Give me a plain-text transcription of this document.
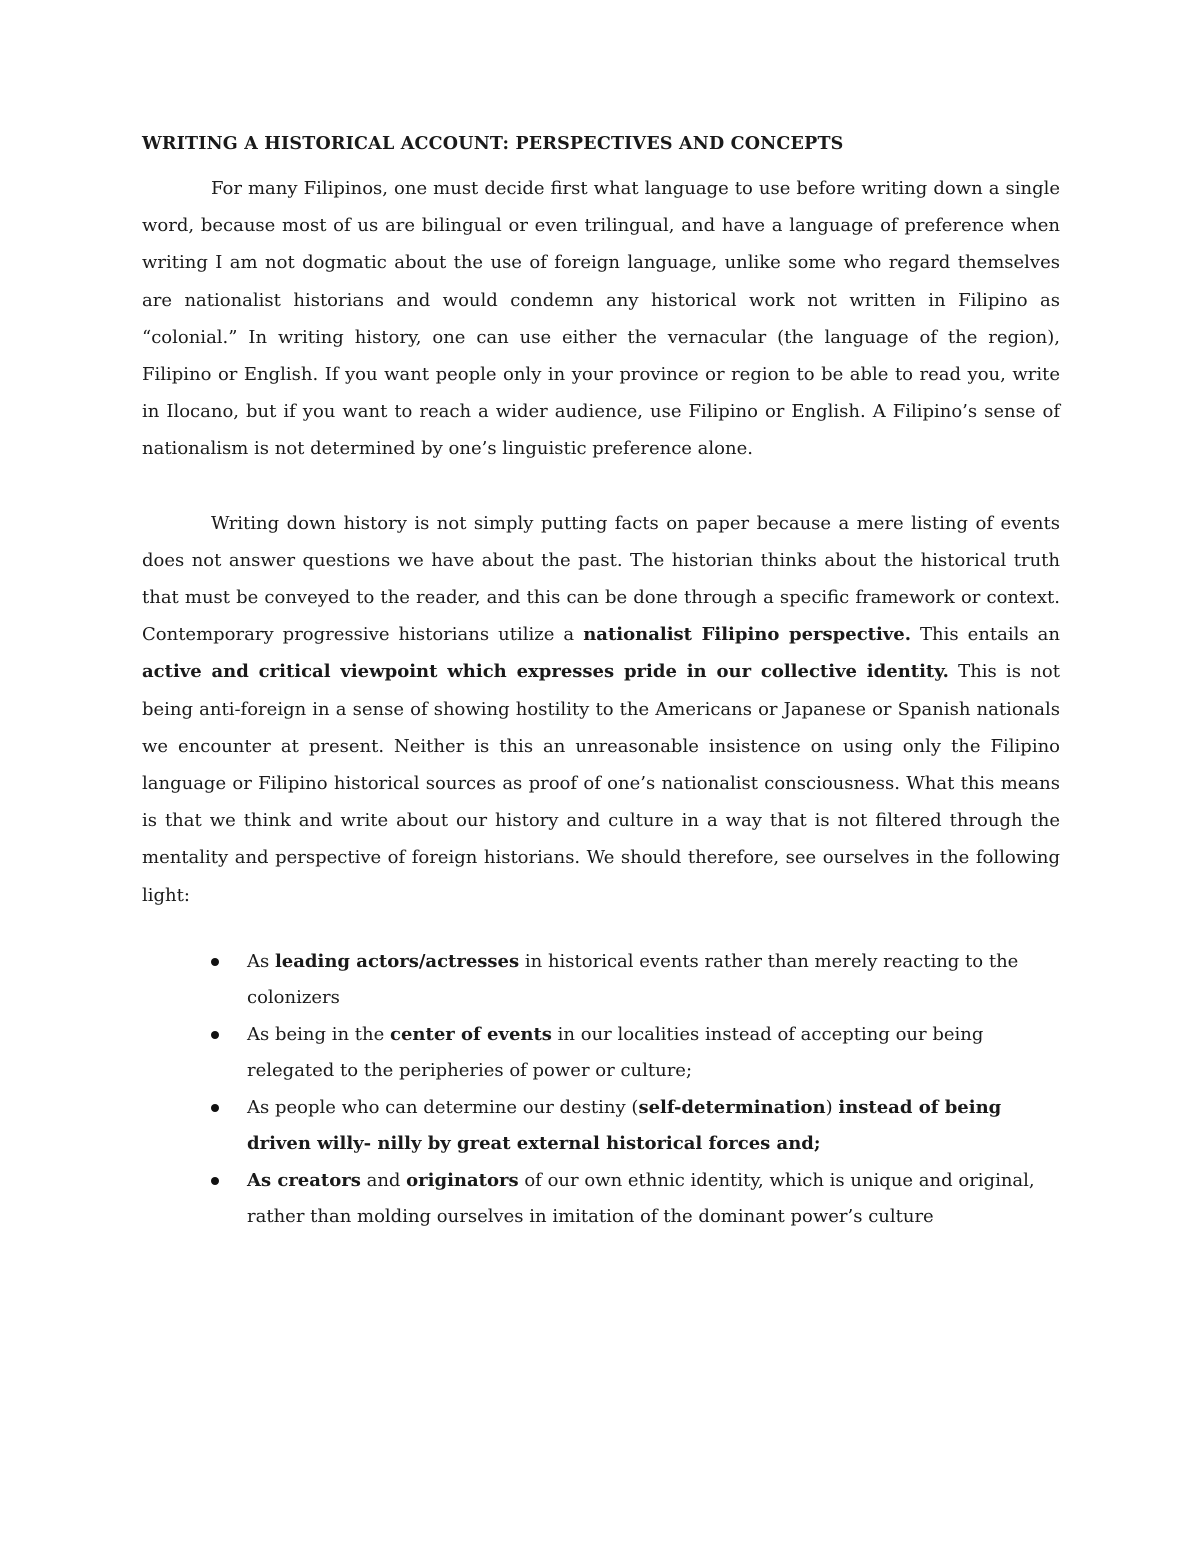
WRITING A HISTORICAL ACCOUNT: PERSPECTIVES AND CONCEPTS

For many Filipinos, one must decide first what language to use before writing down a single word, because most of us are bilingual or even trilingual, and have a language of preference when writing I am not dogmatic about the use of foreign language, unlike some who regard themselves are nationalist historians and would condemn any historical work not written in Filipino as “colonial.” In writing history, one can use either the vernacular (the language of the region), Filipino or English. If you want people only in your province or region to be able to read you, write in Ilocano, but if you want to reach a wider audience, use Filipino or English. A Filipino’s sense of nationalism is not determined by one’s linguistic preference alone.

Writing down history is not simply putting facts on paper because a mere listing of events does not answer questions we have about the past. The historian thinks about the historical truth that must be conveyed to the reader, and this can be done through a specific framework or context. Contemporary progressive historians utilize a nationalist Filipino perspective. This entails an active and critical viewpoint which expresses pride in our collective identity. This is not being anti-foreign in a sense of showing hostility to the Americans or Japanese or Spanish nationals we encounter at present. Neither is this an unreasonable insistence on using only the Filipino language or Filipino historical sources as proof of one’s nationalist consciousness. What this means is that we think and write about our history and culture in a way that is not filtered through the mentality and perspective of foreign historians. We should therefore, see ourselves in the following light:

As leading actors/actresses in historical events rather than merely reacting to the colonizers
As being in the center of events in our localities instead of accepting our being relegated to the peripheries of power or culture;
As people who can determine our destiny (self-determination) instead of being driven willy- nilly by great external historical forces and;
As creators and originators of our own ethnic identity, which is unique and original, rather than molding ourselves in imitation of the dominant power’s culture
